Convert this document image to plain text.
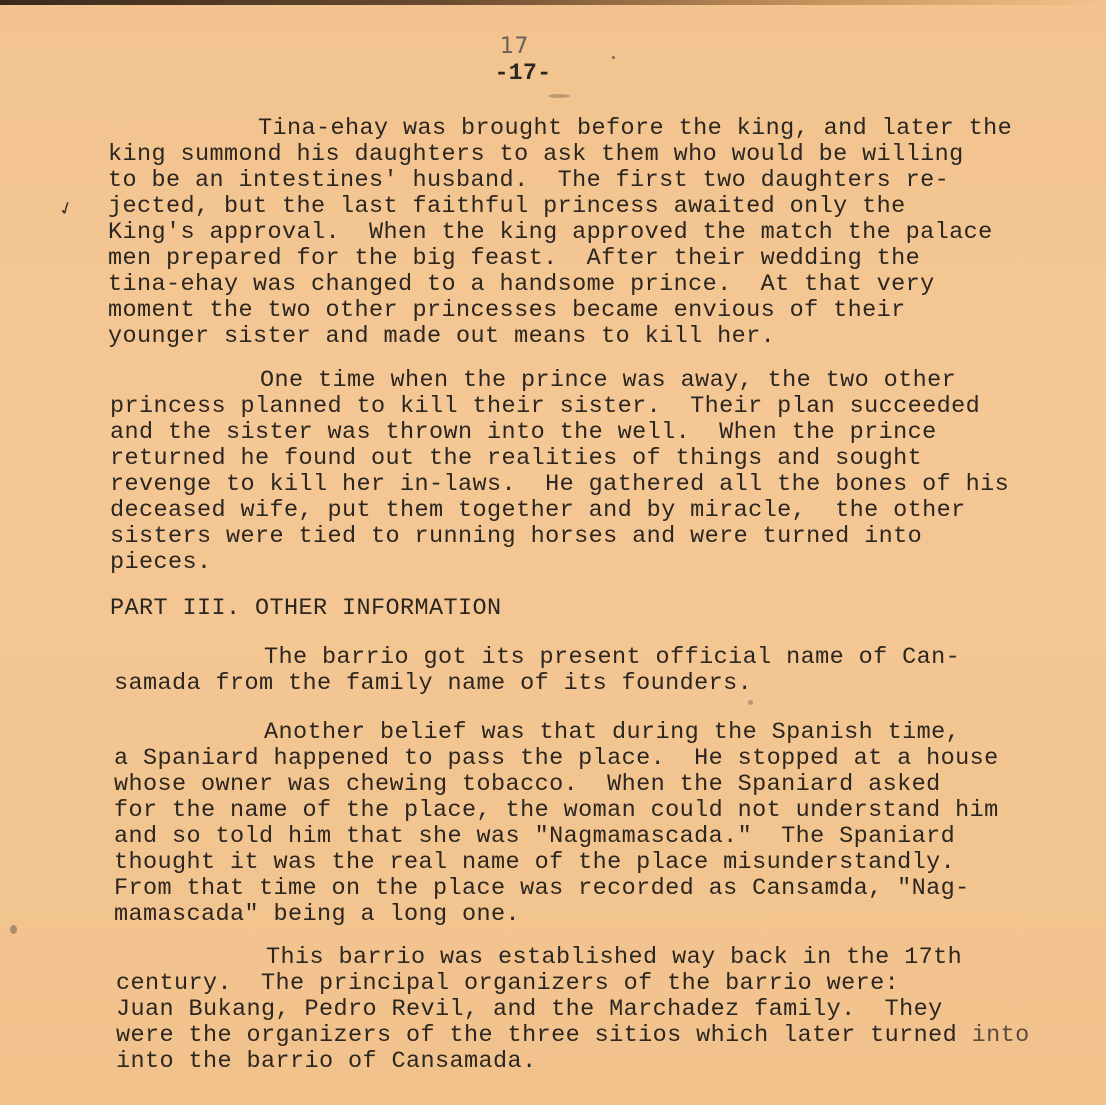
✓
17
-17-
Tina-ehay was brought before the king, and later the
king summond his daughters to ask them who would be willing
to be an intestines' husband.  The first two daughters re-
jected, but the last faithful princess awaited only the
King's approval.  When the king approved the match the palace
men prepared for the big feast.  After their wedding the
tina-ehay was changed to a handsome prince.  At that very
moment the two other princesses became envious of their
younger sister and made out means to kill her.
One time when the prince was away, the two other
princess planned to kill their sister.  Their plan succeeded
and the sister was thrown into the well.  When the prince
returned he found out the realities of things and sought
revenge to kill her in-laws.  He gathered all the bones of his
deceased wife, put them together and by miracle,  the other
sisters were tied to running horses and were turned into
pieces.
PART III. OTHER INFORMATION
The barrio got its present official name of Can-
samada from the family name of its founders.
Another belief was that during the Spanish time,
a Spaniard happened to pass the place.  He stopped at a house
whose owner was chewing tobacco.  When the Spaniard asked
for the name of the place, the woman could not understand him
and so told him that she was "Nagmamascada."  The Spaniard
thought it was the real name of the place misunderstandly.
From that time on the place was recorded as Cansamda, "Nag-
mamascada" being a long one.
This barrio was established way back in the 17th
century.  The principal organizers of the barrio were:
Juan Bukang, Pedro Revil, and the Marchadez family.  They
were the organizers of the three sitios which later turned into
into the barrio of Cansamada.
